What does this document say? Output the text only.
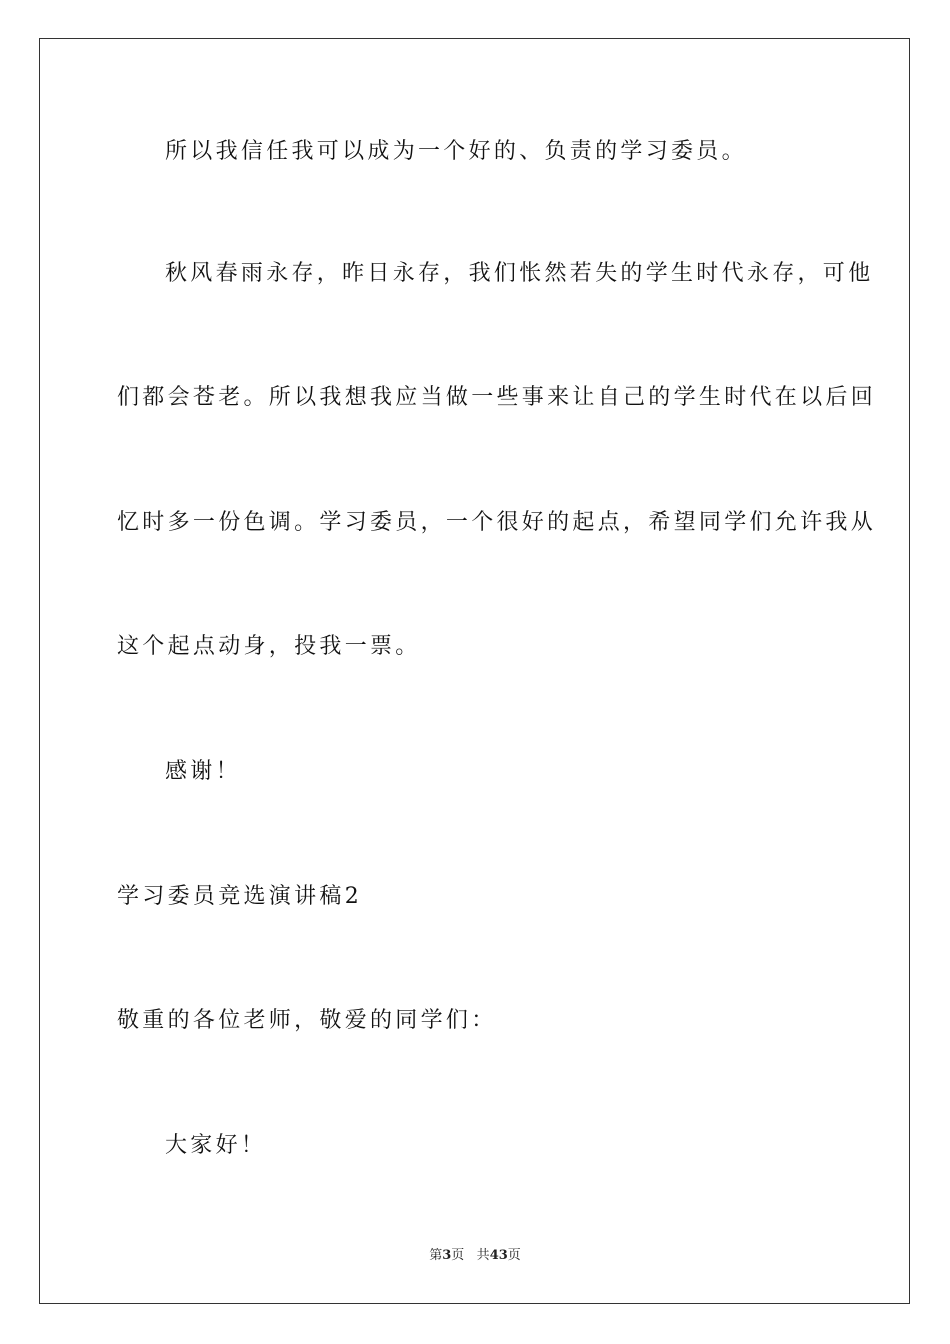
所以我信任我可以成为一个好的、负责的学习委员。
秋风春雨永存，昨日永存，我们怅然若失的学生时代永存，可他
们都会苍老。所以我想我应当做一些事来让自己的学生时代在以后回
忆时多一份色调。学习委员，一个很好的起点，希望同学们允许我从
这个起点动身，投我一票。
感谢！
学习委员竞选演讲稿2
敬重的各位老师，敬爱的同学们：
大家好！
第3页 共43页
